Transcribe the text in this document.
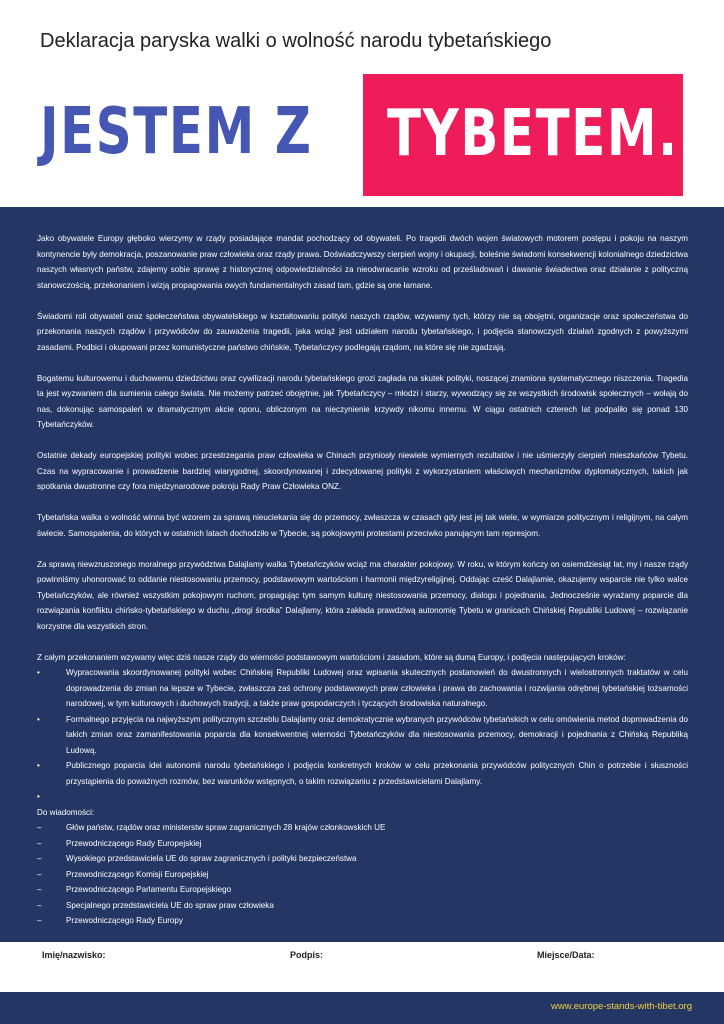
Deklaracja paryska walki o wolność narodu tybetańskiego
JESTEM Z TYBETEM.

Jako obywatele Europy głęboko wierzymy w rządy posiadające mandat pochodzący od obywateli. Po tragedii dwóch wojen światowych motorem postępu i pokoju na naszym kontynencie były demokracja, poszanowanie praw człowieka oraz rządy prawa. Doświadczywszy cierpień wojny i okupacji, boleśnie świadomi konsekwencji kolonialnego dziedzictwa naszych własnych państw, zdajemy sobie sprawę z historycznej odpowiedzialności za nieodwracanie wzroku od prześladowań i dawanie świadectwa oraz działanie z polityczną stanowczością, przekonaniem i wizją propagowania owych fundamentalnych zasad tam, gdzie są one łamane.

Świadomi roli obywateli oraz społeczeństwa obywatelskiego w kształtowaniu polityki naszych rządów, wzywamy tych, którzy nie są obojętni, organizacje oraz społeczeństwa do przekonania naszych rządów i przywódców do zauważenia tragedii, jaka wciąż jest udziałem narodu tybetańskiego, i podjęcia stanowczych działań zgodnych z powyższymi zasadami. Podbici i okupowani przez komunistyczne państwo chińskie, Tybetańczycy podlegają rządom, na które się nie zgadzają.

Bogatemu kulturowemu i duchowemu dziedzictwu oraz cywilizacji narodu tybetańskiego grozi zagłada na skutek polityki, noszącej znamiona systematycznego niszczenia. Tragedia ta jest wyzwaniem dla sumienia całego świata. Nie możemy patrzeć obojętnie, jak Tybetańczycy – młodzi i starzy, wywodzący się ze wszystkich środowisk społecznych – wołają do nas, dokonując samospaleń w dramatycznym akcie oporu, obliczonym na nieczynienie krzywdy nikomu innemu. W ciągu ostatnich czterech lat podpaliło się ponad 130 Tybetańczyków.

Ostatnie dekady europejskiej polityki wobec przestrzegania praw człowieka w Chinach przyniosły niewiele wymiernych rezultatów i nie uśmierzyły cierpień mieszkańców Tybetu. Czas na wypracowanie i prowadzenie bardziej wiarygodnej, skoordynowanej i zdecydowanej polityki z wykorzystaniem właściwych mechanizmów dyplomatycznych, takich jak spotkania dwustronne czy fora międzynarodowe pokroju Rady Praw Człowieka ONZ.

Tybetańska walka o wolność winna być wzorem za sprawą nieuciekania się do przemocy, zwłaszcza w czasach gdy jest jej tak wiele, w wymiarze politycznym i religijnym, na całym świecie. Samospalenia, do których w ostatnich latach dochodziło w Tybecie, są pokojowymi protestami przeciwko panującym tam represjom.

Za sprawą niewzruszonego moralnego przywództwa Dalajlamy walka Tybetańczyków wciąż ma charakter pokojowy. W roku, w którym kończy on osiemdziesiąt lat, my i nasze rządy powinniśmy uhonorować to oddanie niestosowaniu przemocy, podstawowym wartościom i harmonii międzyreligijnej. Oddając cześć Dalajlamie, okazujemy wsparcie nie tylko walce Tybetańczyków, ale również wszystkim pokojowym ruchom, propagując tym samym kulturę niestosowania przemocy, dialogu i pojednania. Jednocześnie wyrażamy poparcie dla rozwiązania konfliktu chińsko-tybetańskiego w duchu „drogi środka” Dalajlamy, która zakłada prawdziwą autonomię Tybetu w granicach Chińskiej Republiki Ludowej – rozwiązanie korzystne dla wszystkich stron.

Z całym przekonaniem wzywamy więc dziś nasze rządy do wierności podstawowym wartościom i zasadom, które są dumą Europy, i podjęcia następujących kroków:
• Wypracowania skoordynowanej polityki wobec Chińskiej Republiki Ludowej oraz wpisania skutecznych postanowień do dwustronnych i wielostronnych traktatów w celu doprowadzenia do zmian na lepsze w Tybecie, zwłaszcza zaś ochrony podstawowych praw człowieka i prawa do zachowania i rozwijania odrębnej tybetańskiej tożsamości narodowej, w tym kulturowych i duchowych tradycji, a także praw gospodarczych i tyczących środowiska naturalnego.
• Formalnego przyjęcia na najwyższym politycznym szczeblu Dalajlamy oraz demokratycznie wybranych przywódców tybetańskich w celu omówienia metod doprowadzenia do takich zmian oraz zamanifestowania poparcia dla konsekwentnej wierności Tybetańczyków dla niestosowania przemocy, demokracji i pojednania z Chińską Republiką Ludową.
• Publicznego poparcia idei autonomii narodu tybetańskiego i podjęcia konkretnych kroków w celu przekonania przywódców politycznych Chin o potrzebie i słuszności przystąpienia do poważnych rozmów, bez warunków wstępnych, o takim rozwiązaniu z przedstawicielami Dalajlamy.
•
Do wiadomości:
– Głów państw, rządów oraz ministerstw spraw zagranicznych 28 krajów członkowskich UE
– Przewodniczącego Rady Europejskiej
– Wysokiego przedstawiciela UE do spraw zagranicznych i polityki bezpieczeństwa
– Przewodniczącego Komisji Europejskiej
– Przewodniczącego Parlamentu Europejskiego
– Specjalnego przedstawiciela UE do spraw praw człowieka
– Przewodniczącego Rady Europy
Imię/nazwisko:	Podpis:	Miejsce/Data:
www.europe-stands-with-tibet.org
